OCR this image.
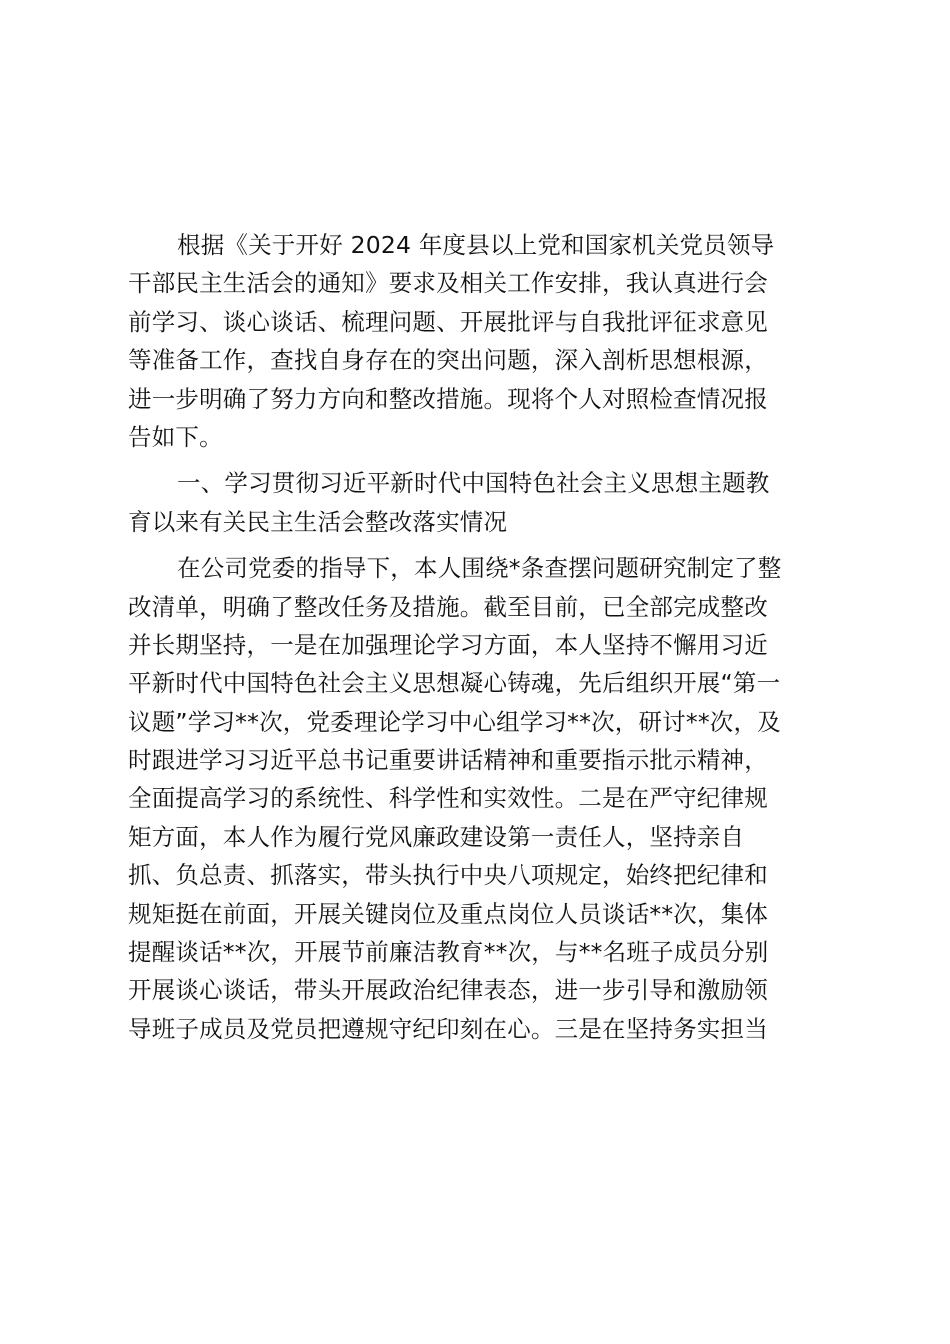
根据《关于开好 2024 年度县以上党和国家机关党员领导
干部民主生活会的通知》要求及相关工作安排，我认真进行会
前学习、谈心谈话、梳理问题、开展批评与自我批评征求意见
等准备工作，查找自身存在的突出问题，深入剖析思想根源，
进一步明确了努力方向和整改措施。现将个人对照检查情况报
告如下。
一、学习贯彻习近平新时代中国特色社会主义思想主题教
育以来有关民主生活会整改落实情况
在公司党委的指导下，本人围绕*条查摆问题研究制定了整
改清单，明确了整改任务及措施。截至目前，已全部完成整改
并长期坚持，一是在加强理论学习方面，本人坚持不懈用习近
平新时代中国特色社会主义思想凝心铸魂，先后组织开展“第一
议题”学习**次，党委理论学习中心组学习**次，研讨**次，及
时跟进学习习近平总书记重要讲话精神和重要指示批示精神，
全面提高学习的系统性、科学性和实效性。二是在严守纪律规
矩方面，本人作为履行党风廉政建设第一责任人，坚持亲自
抓、负总责、抓落实，带头执行中央八项规定，始终把纪律和
规矩挺在前面，开展关键岗位及重点岗位人员谈话**次，集体
提醒谈话**次，开展节前廉洁教育**次，与**名班子成员分别
开展谈心谈话，带头开展政治纪律表态，进一步引导和激励领
导班子成员及党员把遵规守纪印刻在心。三是在坚持务实担当
